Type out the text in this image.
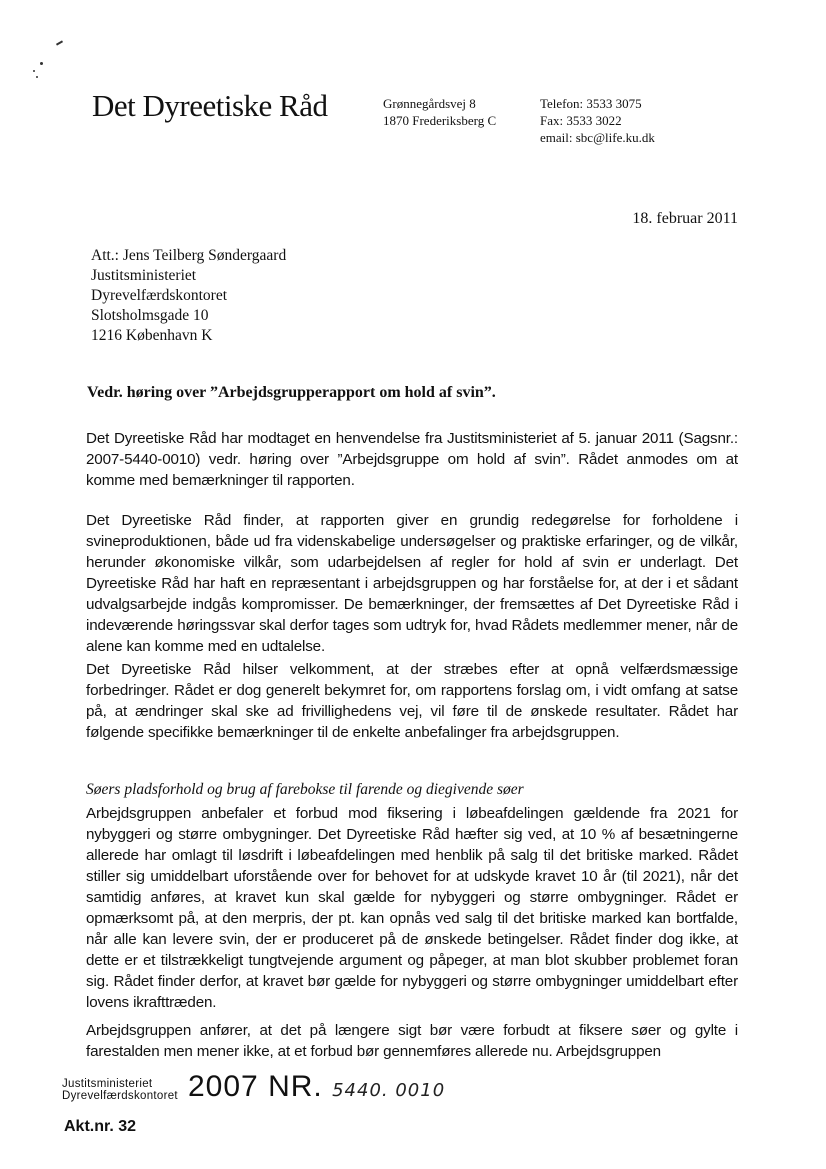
Det Dyreetiske Råd	Grønnegårdsvej 8
1870 Frederiksberg C
Telefon: 3533 3075
Fax: 3533 3022
email: sbc@life.ku.dk
18. februar 2011
Att.: Jens Teilberg Søndergaard
Justitsministeriet
Dyrevelfærdskontoret
Slotsholmsgade 10
1216 København K
Vedr. høring over ”Arbejdsgrupperapport om hold af svin”.
Det Dyreetiske Råd har modtaget en henvendelse fra Justitsministeriet af 5. januar 2011 (Sagsnr.: 2007-5440-0010) vedr. høring over ”Arbejdsgruppe om hold af svin”. Rådet anmodes om at komme med bemærkninger til rapporten.
Det Dyreetiske Råd finder, at rapporten giver en grundig redegørelse for forholdene i svineproduktionen, både ud fra videnskabelige undersøgelser og praktiske erfaringer, og de vilkår, herunder økonomiske vilkår, som udarbejdelsen af regler for hold af svin er underlagt. Det Dyreetiske Råd har haft en repræsentant i arbejdsgruppen og har forståelse for, at der i et sådant udvalgsarbejde indgås kompromisser. De bemærkninger, der fremsættes af Det Dyreetiske Råd i indeværende høringssvar skal derfor tages som udtryk for, hvad Rådets medlemmer mener, når de alene kan komme med en udtalelse.
Det Dyreetiske Råd hilser velkomment, at der stræbes efter at opnå velfærdsmæssige forbedringer. Rådet er dog generelt bekymret for, om rapportens forslag om, i vidt omfang at satse på, at ændringer skal ske ad frivillighedens vej, vil føre til de ønskede resultater. Rådet har følgende specifikke bemærkninger til de enkelte anbefalinger fra arbejdsgruppen.
Søers pladsforhold og brug af farebokse til farende og diegivende søer
Arbejdsgruppen anbefaler et forbud mod fiksering i løbeafdelingen gældende fra 2021 for nybyggeri og større ombygninger. Det Dyreetiske Råd hæfter sig ved, at 10 % af besætningerne allerede har omlagt til løsdrift i løbeafdelingen med henblik på salg til det britiske marked. Rådet stiller sig umiddelbart uforstående over for behovet for at udskyde kravet 10 år (til 2021), når det samtidig anføres, at kravet kun skal gælde for nybyggeri og større ombygninger. Rådet er opmærksomt på, at den merpris, der pt. kan opnås ved salg til det britiske marked kan bortfalde, når alle kan levere svin, der er produceret på de ønskede betingelser. Rådet finder dog ikke, at dette er et tilstrækkeligt tungtvejende argument og påpeger, at man blot skubber problemet foran sig. Rådet finder derfor, at kravet bør gælde for nybyggeri og større ombygninger umiddelbart efter lovens ikrafttræden.
Arbejdsgruppen anfører, at det på længere sigt bør være forbudt at fiksere søer og gylte i farestalden men mener ikke, at et forbud bør gennemføres allerede nu. Arbejdsgruppen
Justitsministeriet
Dyrevelfærdskontoret 2007 NR. 5440. 0010
Akt.nr. 32
